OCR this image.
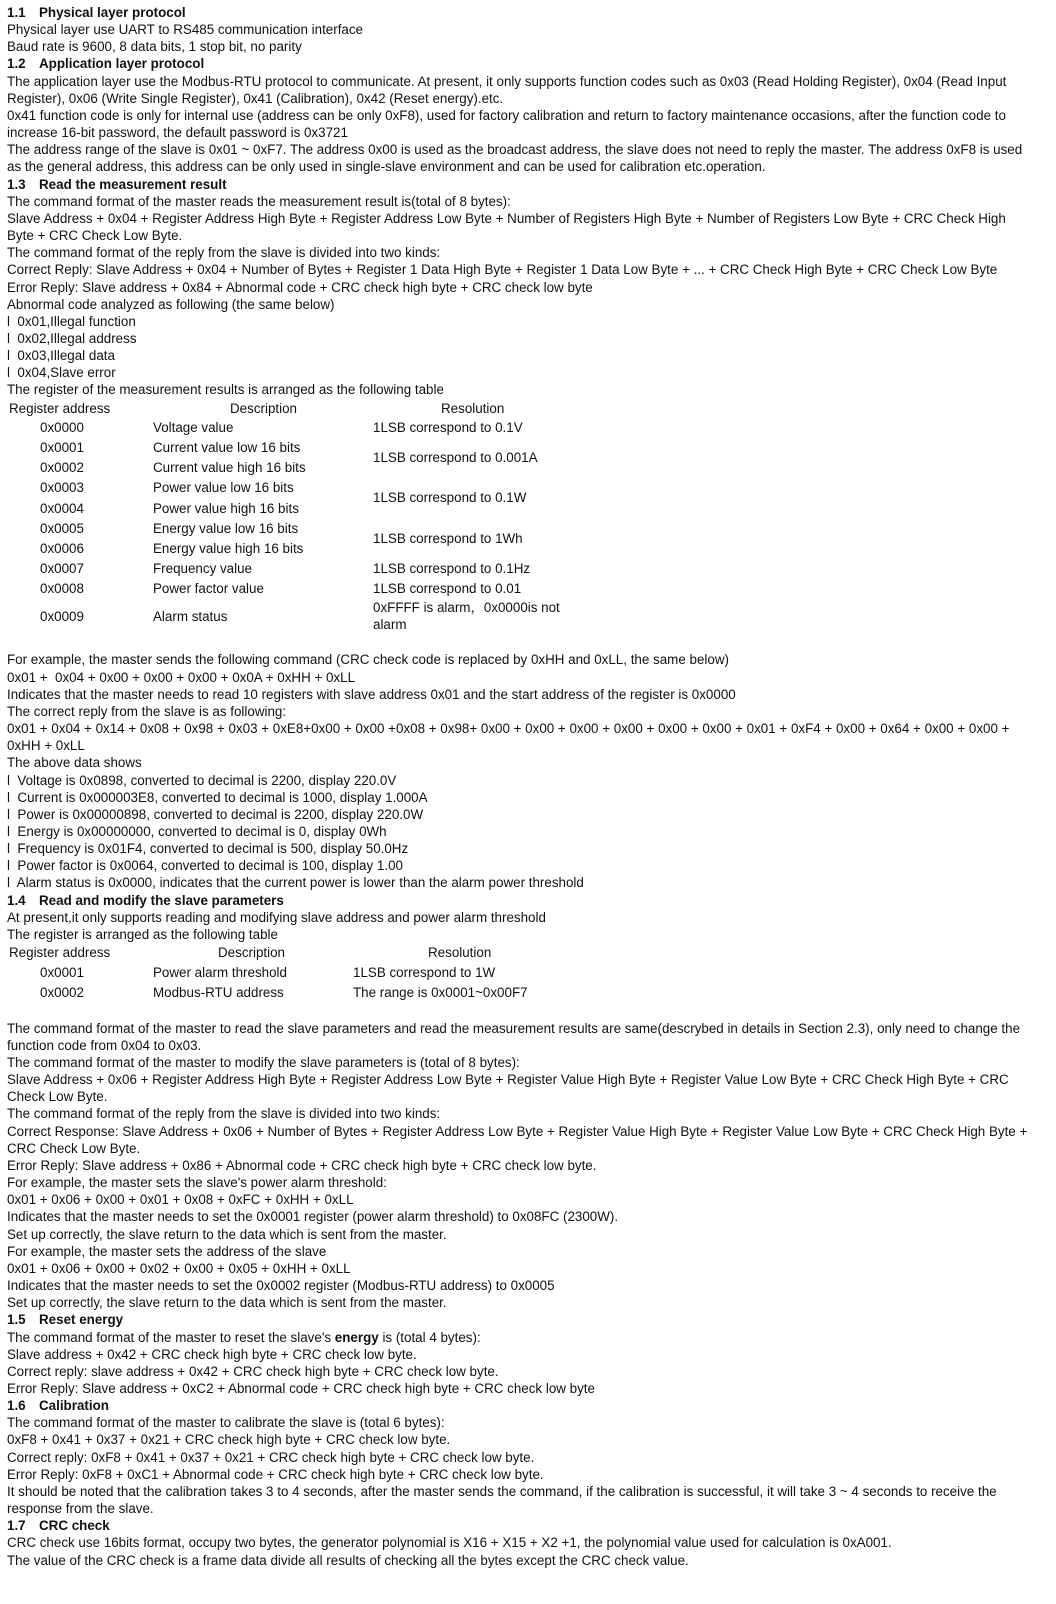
1.1 Physical layer protocol
Physical layer use UART to RS485 communication interface
Baud rate is 9600, 8 data bits, 1 stop bit, no parity
1.2 Application layer protocol
The application layer use the Modbus-RTU protocol to communicate. At present, it only supports function codes such as 0x03 (Read Holding Register), 0x04 (Read Input Register), 0x06 (Write Single Register), 0x41 (Calibration), 0x42 (Reset energy).etc.
0x41 function code is only for internal use (address can be only 0xF8), used for factory calibration and return to factory maintenance occasions, after the function code to increase 16-bit password, the default password is 0x3721
The address range of the slave is 0x01 ~ 0xF7. The address 0x00 is used as the broadcast address, the slave does not need to reply the master. The address 0xF8 is used as the general address, this address can be only used in single-slave environment and can be used for calibration etc.operation.
1.3 Read the measurement result
The command format of the master reads the measurement result is(total of 8 bytes):
Slave Address + 0x04 + Register Address High Byte + Register Address Low Byte + Number of Registers High Byte + Number of Registers Low Byte + CRC Check High Byte + CRC Check Low Byte.
The command format of the reply from the slave is divided into two kinds:
Correct Reply: Slave Address + 0x04 + Number of Bytes + Register 1 Data High Byte + Register 1 Data Low Byte + ... + CRC Check High Byte + CRC Check Low Byte
Error Reply: Slave address + 0x84 + Abnormal code + CRC check high byte + CRC check low byte
Abnormal code analyzed as following (the same below)
l  0x01,Illegal function
l  0x02,Illegal address
l  0x03,Illegal data
l  0x04,Slave error
The register of the measurement results is arranged as the following table
Register address	Description	Resolution
0x0000	Voltage value	1LSB correspond to 0.1V
0x0001	Current value low 16 bits	1LSB correspond to 0.001A
0x0002	Current value high 16 bits	
0x0003	Power value low 16 bits	1LSB correspond to 0.1W
0x0004	Power value high 16 bits	
0x0005	Energy value low 16 bits	1LSB correspond to 1Wh
0x0006	Energy value high 16 bits	
0x0007	Frequency value	1LSB correspond to 0.1Hz
0x0008	Power factor value	1LSB correspond to 0.01
0x0009	Alarm status	0xFFFF is alarm，0x0000is not alarm
For example, the master sends the following command (CRC check code is replaced by 0xHH and 0xLL, the same below)
0x01 +  0x04 + 0x00 + 0x00 + 0x00 + 0x0A + 0xHH + 0xLL
Indicates that the master needs to read 10 registers with slave address 0x01 and the start address of the register is 0x0000
The correct reply from the slave is as following:
0x01 + 0x04 + 0x14 + 0x08 + 0x98 + 0x03 + 0xE8+0x00 + 0x00 +0x08 + 0x98+ 0x00 + 0x00 + 0x00 + 0x00 + 0x00 + 0x00 + 0x01 + 0xF4 + 0x00 + 0x64 + 0x00 + 0x00 + 0xHH + 0xLL
The above data shows
l  Voltage is 0x0898, converted to decimal is 2200, display 220.0V
l  Current is 0x000003E8, converted to decimal is 1000, display 1.000A
l  Power is 0x00000898, converted to decimal is 2200, display 220.0W
l  Energy is 0x00000000, converted to decimal is 0, display 0Wh
l  Frequency is 0x01F4, converted to decimal is 500, display 50.0Hz
l  Power factor is 0x0064, converted to decimal is 100, display 1.00
l  Alarm status is 0x0000, indicates that the current power is lower than the alarm power threshold
1.4 Read and modify the slave parameters
At present,it only supports reading and modifying slave address and power alarm threshold
The register is arranged as the following table
Register address	Description	Resolution
0x0001	Power alarm threshold	1LSB correspond to 1W
0x0002	Modbus-RTU address	The range is 0x0001~0x00F7
The command format of the master to read the slave parameters and read the measurement results are same(descrybed in details in Section 2.3), only need to change the function code from 0x04 to 0x03.
The command format of the master to modify the slave parameters is (total of 8 bytes):
Slave Address + 0x06 + Register Address High Byte + Register Address Low Byte + Register Value High Byte + Register Value Low Byte + CRC Check High Byte + CRC Check Low Byte.
The command format of the reply from the slave is divided into two kinds:
Correct Response: Slave Address + 0x06 + Number of Bytes + Register Address Low Byte + Register Value High Byte + Register Value Low Byte + CRC Check High Byte + CRC Check Low Byte.
Error Reply: Slave address + 0x86 + Abnormal code + CRC check high byte + CRC check low byte.
For example, the master sets the slave's power alarm threshold:
0x01 + 0x06 + 0x00 + 0x01 + 0x08 + 0xFC + 0xHH + 0xLL
Indicates that the master needs to set the 0x0001 register (power alarm threshold) to 0x08FC (2300W).
Set up correctly, the slave return to the data which is sent from the master.
For example, the master sets the address of the slave
0x01 + 0x06 + 0x00 + 0x02 + 0x00 + 0x05 + 0xHH + 0xLL
Indicates that the master needs to set the 0x0002 register (Modbus-RTU address) to 0x0005
Set up correctly, the slave return to the data which is sent from the master.
1.5 Reset energy
The command format of the master to reset the slave's energy is (total 4 bytes):
Slave address + 0x42 + CRC check high byte + CRC check low byte.
Correct reply: slave address + 0x42 + CRC check high byte + CRC check low byte.
Error Reply: Slave address + 0xC2 + Abnormal code + CRC check high byte + CRC check low byte
1.6 Calibration
The command format of the master to calibrate the slave is (total 6 bytes):
0xF8 + 0x41 + 0x37 + 0x21 + CRC check high byte + CRC check low byte.
Correct reply: 0xF8 + 0x41 + 0x37 + 0x21 + CRC check high byte + CRC check low byte.
Error Reply: 0xF8 + 0xC1 + Abnormal code + CRC check high byte + CRC check low byte.
It should be noted that the calibration takes 3 to 4 seconds, after the master sends the command, if the calibration is successful, it will take 3 ~ 4 seconds to receive the response from the slave.
1.7 CRC check
CRC check use 16bits format, occupy two bytes, the generator polynomial is X16 + X15 + X2 +1, the polynomial value used for calculation is 0xA001.
The value of the CRC check is a frame data divide all results of checking all the bytes except the CRC check value.
